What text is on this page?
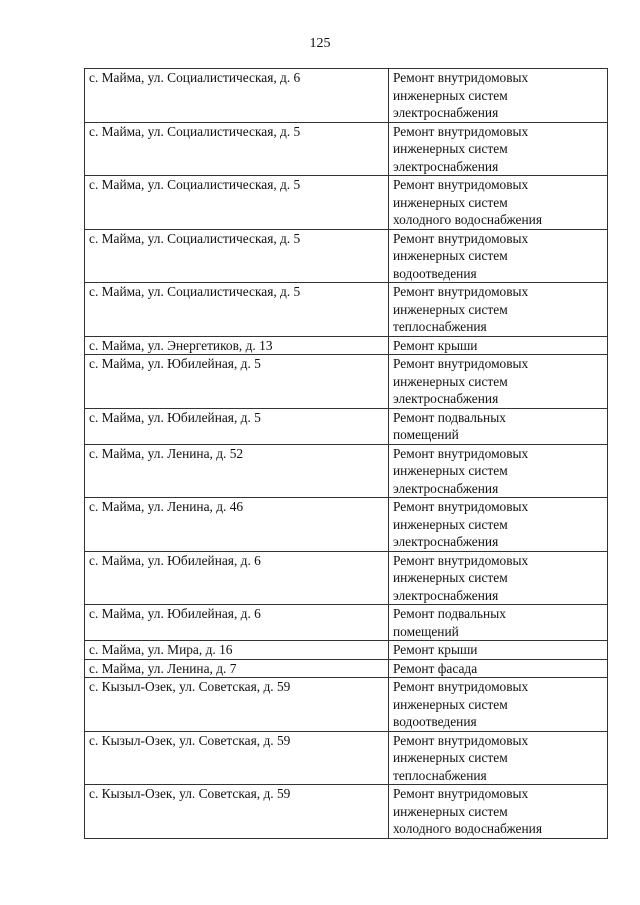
125
с. Майма, ул. Социалистическая, д. 6	Ремонт внутридомовых
инженерных систем
электроснабжения

с. Майма, ул. Социалистическая, д. 5	Ремонт внутридомовых
инженерных систем
электроснабжения

с. Майма, ул. Социалистическая, д. 5	Ремонт внутридомовых
инженерных систем
холодного водоснабжения

с. Майма, ул. Социалистическая, д. 5	Ремонт внутридомовых
инженерных систем
водоотведения

с. Майма, ул. Социалистическая, д. 5	Ремонт внутридомовых
инженерных систем
теплоснабжения

с. Майма, ул. Энергетиков, д. 13	Ремонт крыши

с. Майма, ул. Юбилейная, д. 5	Ремонт внутридомовых
инженерных систем
электроснабжения

с. Майма, ул. Юбилейная, д. 5	Ремонт подвальных
помещений

с. Майма, ул. Ленина, д. 52	Ремонт внутридомовых
инженерных систем
электроснабжения

с. Майма, ул. Ленина, д. 46	Ремонт внутридомовых
инженерных систем
электроснабжения

с. Майма, ул. Юбилейная, д. 6	Ремонт внутридомовых
инженерных систем
электроснабжения

с. Майма, ул. Юбилейная, д. 6	Ремонт подвальных
помещений

с. Майма, ул. Мира, д. 16	Ремонт крыши

с. Майма, ул. Ленина, д. 7	Ремонт фасада

с. Кызыл-Озек, ул. Советская, д. 59	Ремонт внутридомовых
инженерных систем
водоотведения

с. Кызыл-Озек, ул. Советская, д. 59	Ремонт внутридомовых
инженерных систем
теплоснабжения

с. Кызыл-Озек, ул. Советская, д. 59	Ремонт внутридомовых
инженерных систем
холодного водоснабжения
